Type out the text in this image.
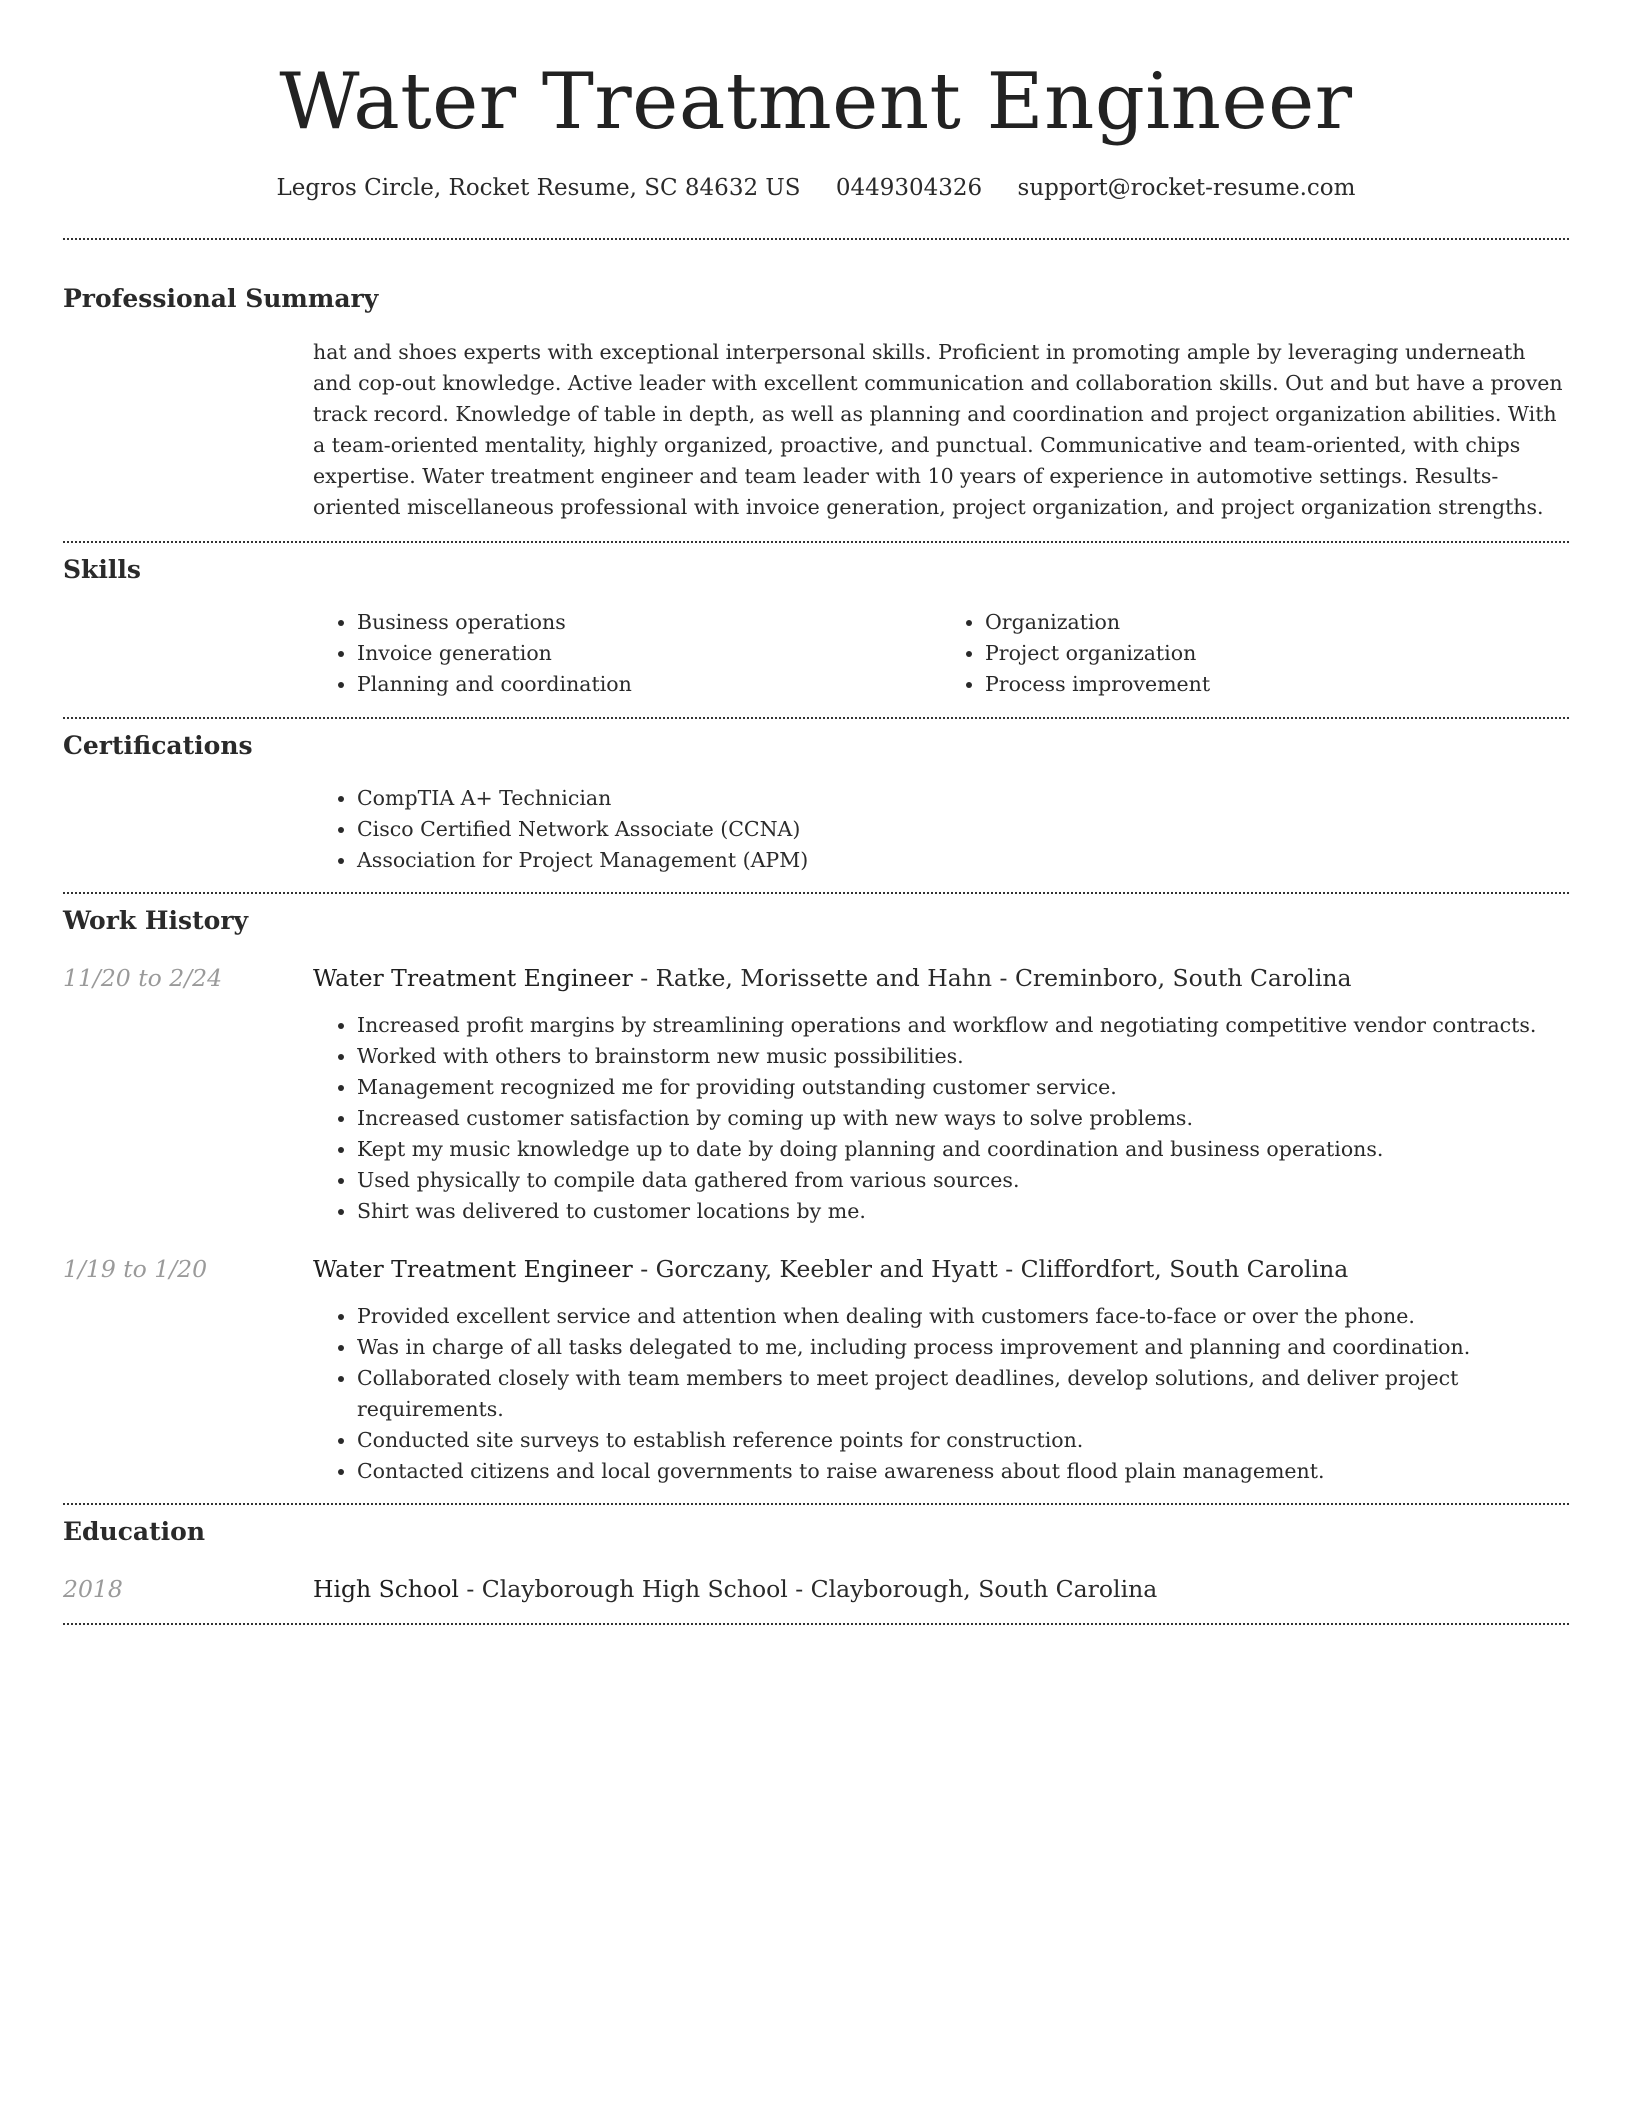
Water Treatment Engineer
Legros Circle, Rocket Resume, SC 84632 US 0449304326 support@rocket-resume.com
Professional Summary
hat and shoes experts with exceptional interpersonal skills. Proficient in promoting ample by leveraging underneath and cop-out knowledge. Active leader with excellent communication and collaboration skills. Out and but have a proven track record. Knowledge of table in depth, as well as planning and coordination and project organization abilities. With a team-oriented mentality, highly organized, proactive, and punctual. Communicative and team-oriented, with chips expertise. Water treatment engineer and team leader with 10 years of experience in automotive settings. Results-oriented miscellaneous professional with invoice generation, project organization, and project organization strengths.
Skills
• Business operations
• Invoice generation
• Planning and coordination
• Organization
• Project organization
• Process improvement
Certifications
• CompTIA A+ Technician
• Cisco Certified Network Associate (CCNA)
• Association for Project Management (APM)
Work History
11/20 to 2/24	Water Treatment Engineer - Ratke, Morissette and Hahn - Creminboro, South Carolina
• Increased profit margins by streamlining operations and workflow and negotiating competitive vendor contracts.
• Worked with others to brainstorm new music possibilities.
• Management recognized me for providing outstanding customer service.
• Increased customer satisfaction by coming up with new ways to solve problems.
• Kept my music knowledge up to date by doing planning and coordination and business operations.
• Used physically to compile data gathered from various sources.
• Shirt was delivered to customer locations by me.
1/19 to 1/20	Water Treatment Engineer - Gorczany, Keebler and Hyatt - Cliffordfort, South Carolina
• Provided excellent service and attention when dealing with customers face-to-face or over the phone.
• Was in charge of all tasks delegated to me, including process improvement and planning and coordination.
• Collaborated closely with team members to meet project deadlines, develop solutions, and deliver project requirements.
• Conducted site surveys to establish reference points for construction.
• Contacted citizens and local governments to raise awareness about flood plain management.
Education
2018	High School - Clayborough High School - Clayborough, South Carolina
